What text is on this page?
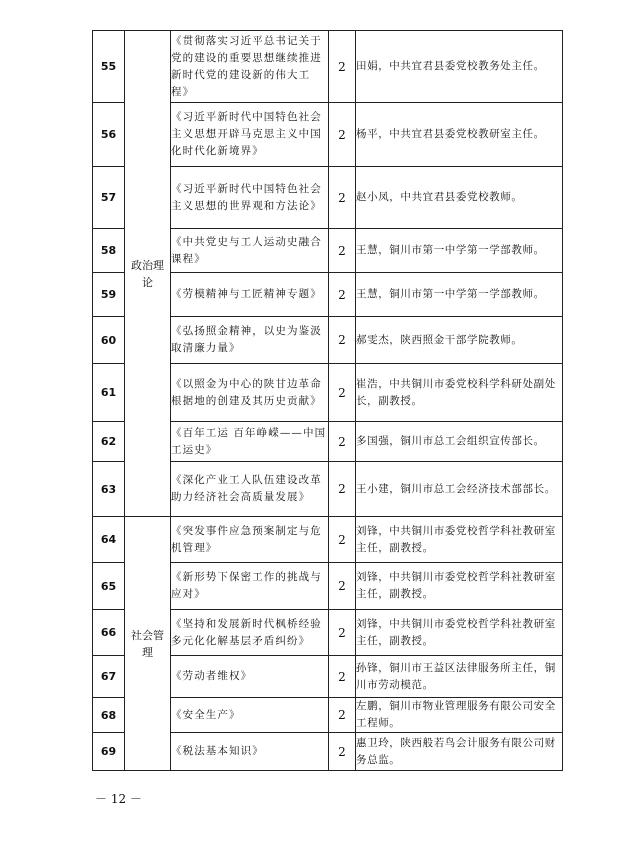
55	政治理论	《贯彻落实习近平总书记关于党的建设的重要思想继续推进新时代党的建设新的伟大工程》	2	田娟，中共宜君县委党校教务处主任。
56		《习近平新时代中国特色社会主义思想开辟马克思主义中国化时代化新境界》	2	杨平，中共宜君县委党校教研室主任。
57		《习近平新时代中国特色社会主义思想的世界观和方法论》	2	赵小凤，中共宜君县委党校教师。
58		《中共党史与工人运动史融合课程》	2	王慧，铜川市第一中学第一学部教师。
59		《劳模精神与工匠精神专题》	2	王慧，铜川市第一中学第一学部教师。
60		《弘扬照金精神，以史为鉴汲取清廉力量》	2	郝雯杰，陕西照金干部学院教师。
61		《以照金为中心的陕甘边革命根据地的创建及其历史贡献》	2	崔浩，中共铜川市委党校科学科研处副处长，副教授。
62		《百年工运 百年峥嵘——中国工运史》	2	多国强，铜川市总工会组织宣传部长。
63		《深化产业工人队伍建设改革 助力经济社会高质量发展》	2	王小建，铜川市总工会经济技术部部长。
64	社会管理	《突发事件应急预案制定与危机管理》	2	刘锋，中共铜川市委党校哲学科社教研室主任，副教授。
65		《新形势下保密工作的挑战与应对》	2	刘锋，中共铜川市委党校哲学科社教研室主任，副教授。
66		《坚持和发展新时代枫桥经验多元化化解基层矛盾纠纷》	2	刘锋，中共铜川市委党校哲学科社教研室主任，副教授。
67		《劳动者维权》	2	孙锋，铜川市王益区法律服务所主任，铜川市劳动模范。
68		《安全生产》	2	左鹏，铜川市物业管理服务有限公司安全工程师。
69		《税法基本知识》	2	惠卫玲，陕西般若鸟会计服务有限公司财务总监。
－ 12 －
